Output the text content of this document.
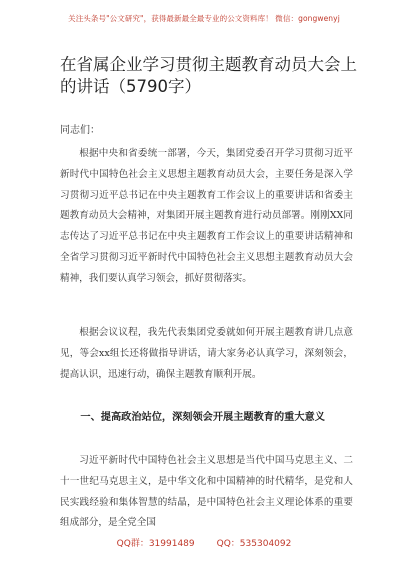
关注头条号"公文研究"，获得最新最全最专业的公文资料库！ 微信：gongwenyj
在省属企业学习贯彻主题教育动员大会上的讲话（5790字）
同志们：
根据中央和省委统一部署，今天，集团党委召开学习贯彻习近平新时代中国特色社会主义思想主题教育动员大会，主要任务是深入学习贯彻习近平总书记在中央主题教育工作会议上的重要讲话和省委主题教育动员大会精神，对集团开展主题教育进行动员部署。刚刚XX同志传达了习近平总书记在中央主题教育工作会议上的重要讲话精神和全省学习贯彻习近平新时代中国特色社会主义思想主题教育动员大会精神，我们要认真学习领会，抓好贯彻落实。
根据会议议程，我先代表集团党委就如何开展主题教育讲几点意见，等会xx组长还将做指导讲话，请大家务必认真学习，深刻领会，提高认识，迅速行动，确保主题教育顺利开展。
一、提高政治站位，深刻领会开展主题教育的重大意义
习近平新时代中国特色社会主义思想是当代中国马克思主义、二十一世纪马克思主义，是中华文化和中国精神的时代精华，是党和人民实践经验和集体智慧的结晶，是中国特色社会主义理论体系的重要组成部分，是全党全国
QQ群：31991489 QQ：535304092
